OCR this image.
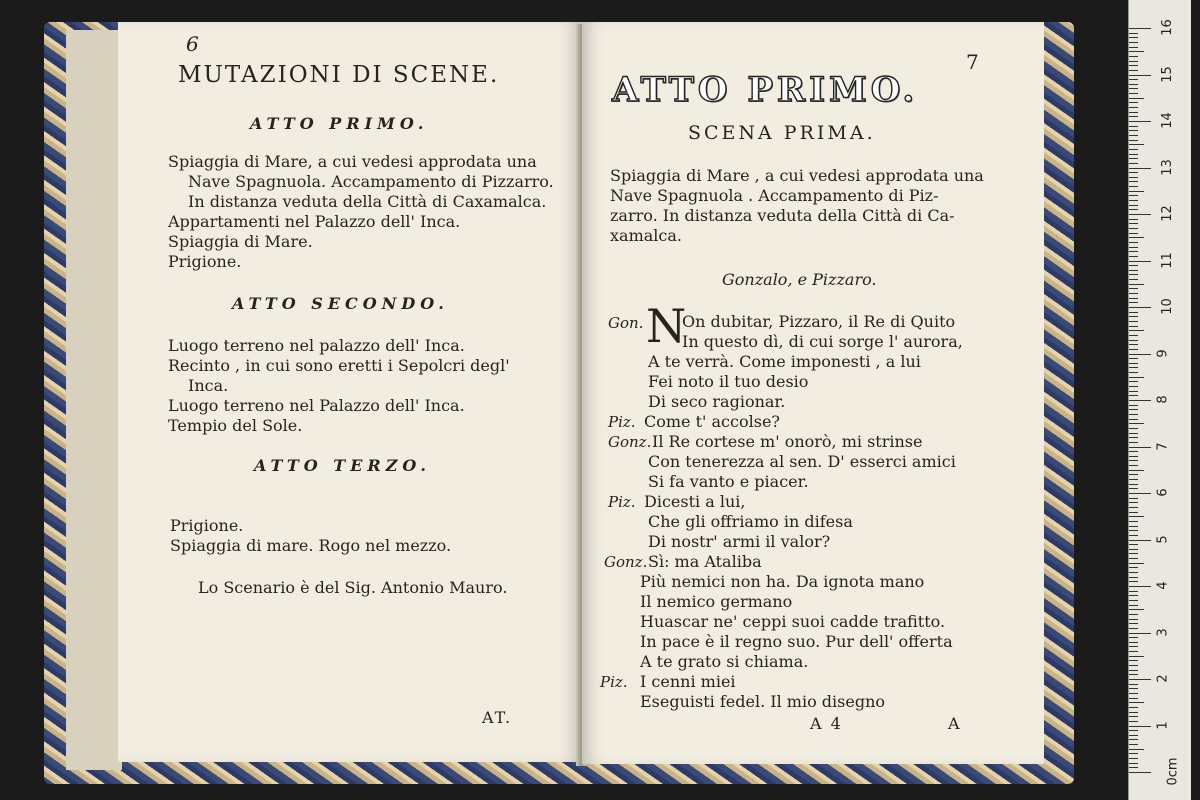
6
MUTAZIONI DI SCENE.
ATTO PRIMO.
Spiaggia di Mare, a cui vedesi approdata una
Nave Spagnuola. Accampamento di Pizzarro.
In distanza veduta della Città di Caxamalca.
Appartamenti nel Palazzo dell' Inca.
Spiaggia di Mare.
Prigione.
ATTO SECONDO.
Luogo terreno nel palazzo dell' Inca.
Recinto , in cui sono eretti i Sepolcri degl'
Inca.
Luogo terreno nel Palazzo dell' Inca.
Tempio del Sole.
ATTO TERZO.
Prigione.
Spiaggia di mare. Rogo nel mezzo.
Lo Scenario è del Sig. Antonio Mauro.
AT.
7
ATTO PRIMO.
SCENA PRIMA.
Spiaggia di Mare , a cui vedesi approdata una
Nave Spagnuola . Accampamento di Piz-
zarro. In distanza veduta della Città di Ca-
xamalca.
Gonzalo, e Pizzaro.
Gon. N
On dubitar, Pizzaro, il Re di Quito
In questo dì, di cui sorge l' aurora,
A te verrà. Come imponesti , a lui
Fei noto il tuo desio
Di seco ragionar.
Piz. Come t' accolse?
Gonz. Il Re cortese m' onorò, mi strinse
Con tenerezza al sen. D' esserci amici
Si fa vanto e piacer.
Piz. Dicesti a lui,
Che gli offriamo in difesa
Di nostr' armi il valor?
Gonz. Sì: ma Ataliba
Più nemici non ha. Da ignota mano
Il nemico germano
Huascar ne' ceppi suoi cadde trafitto.
In pace è il regno suo. Pur dell' offerta
A te grato si chiama.
Piz. I cenni miei
Eseguisti fedel. Il mio disegno
A 4	A
0cm
1
2
3
4
5
6
7
8
9
10
11
12
13
14
15
16
